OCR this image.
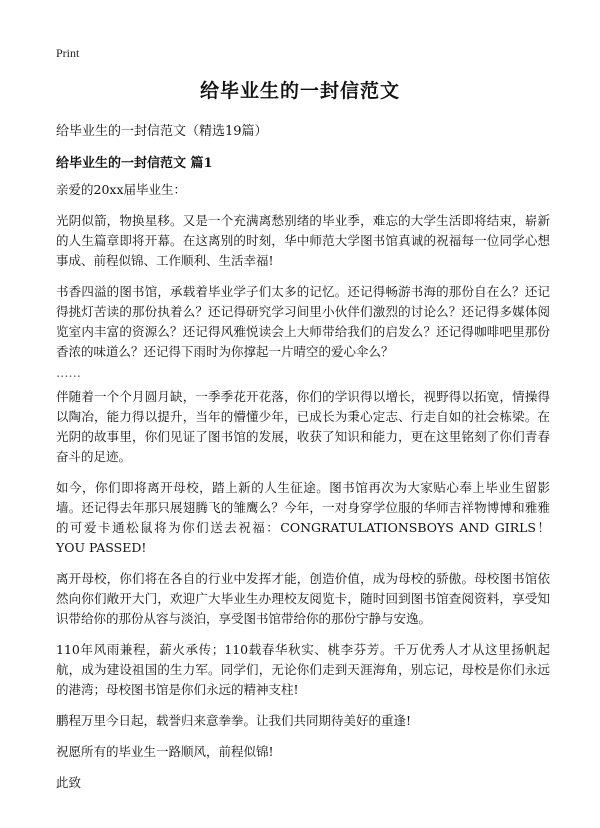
Print
给毕业生的一封信范文
给毕业生的一封信范文（精选19篇）
给毕业生的一封信范文 篇1

亲爱的20xx届毕业生：

光阴似箭，物换星移。又是一个充满离愁别绪的毕业季，难忘的大学生活即将结束，崭新的人生篇章即将开幕。在这离别的时刻，华中师范大学图书馆真诚的祝福每一位同学心想事成、前程似锦、工作顺利、生活幸福!

书香四溢的图书馆，承载着毕业学子们太多的记忆。还记得畅游书海的那份自在么？还记得挑灯苦读的那份执着么？还记得研究学习间里小伙伴们激烈的讨论么？还记得多媒体阅览室内丰富的资源么？还记得风雅悦读会上大师带给我们的启发么？还记得咖啡吧里那份香浓的味道么？还记得下雨时为你撑起一片晴空的爱心伞么？

……

伴随着一个个月圆月缺，一季季花开花落，你们的学识得以增长，视野得以拓宽，情操得以陶冶，能力得以提升，当年的懵懂少年，已成长为秉心定志、行走自如的社会栋梁。在光阴的故事里，你们见证了图书馆的发展，收获了知识和能力，更在这里铭刻了你们青春奋斗的足迹。

如今，你们即将离开母校，踏上新的人生征途。图书馆再次为大家贴心奉上毕业生留影墙。还记得去年那只展翅腾飞的雏鹰么？今年，一对身穿学位服的华师吉祥物博博和雅雅的可爱卡通松鼠将为你们送去祝福：CONGRATULATIONSBOYS AND GIRLS！YOU PASSED!

离开母校，你们将在各自的行业中发挥才能，创造价值，成为母校的骄傲。母校图书馆依然向你们敞开大门，欢迎广大毕业生办理校友阅览卡，随时回到图书馆查阅资料，享受知识带给你的那份从容与淡泊，享受图书馆带给你的那份宁静与安逸。

110年风雨兼程，薪火承传；110载春华秋实、桃李芬芳。千万优秀人才从这里扬帆起航，成为建设祖国的生力军。同学们，无论你们走到天涯海角，别忘记，母校是你们永远的港湾；母校图书馆是你们永远的精神支柱!

鹏程万里今日起，载誉归来意拳拳。让我们共同期待美好的重逢!

祝愿所有的毕业生一路顺风，前程似锦!

此致
